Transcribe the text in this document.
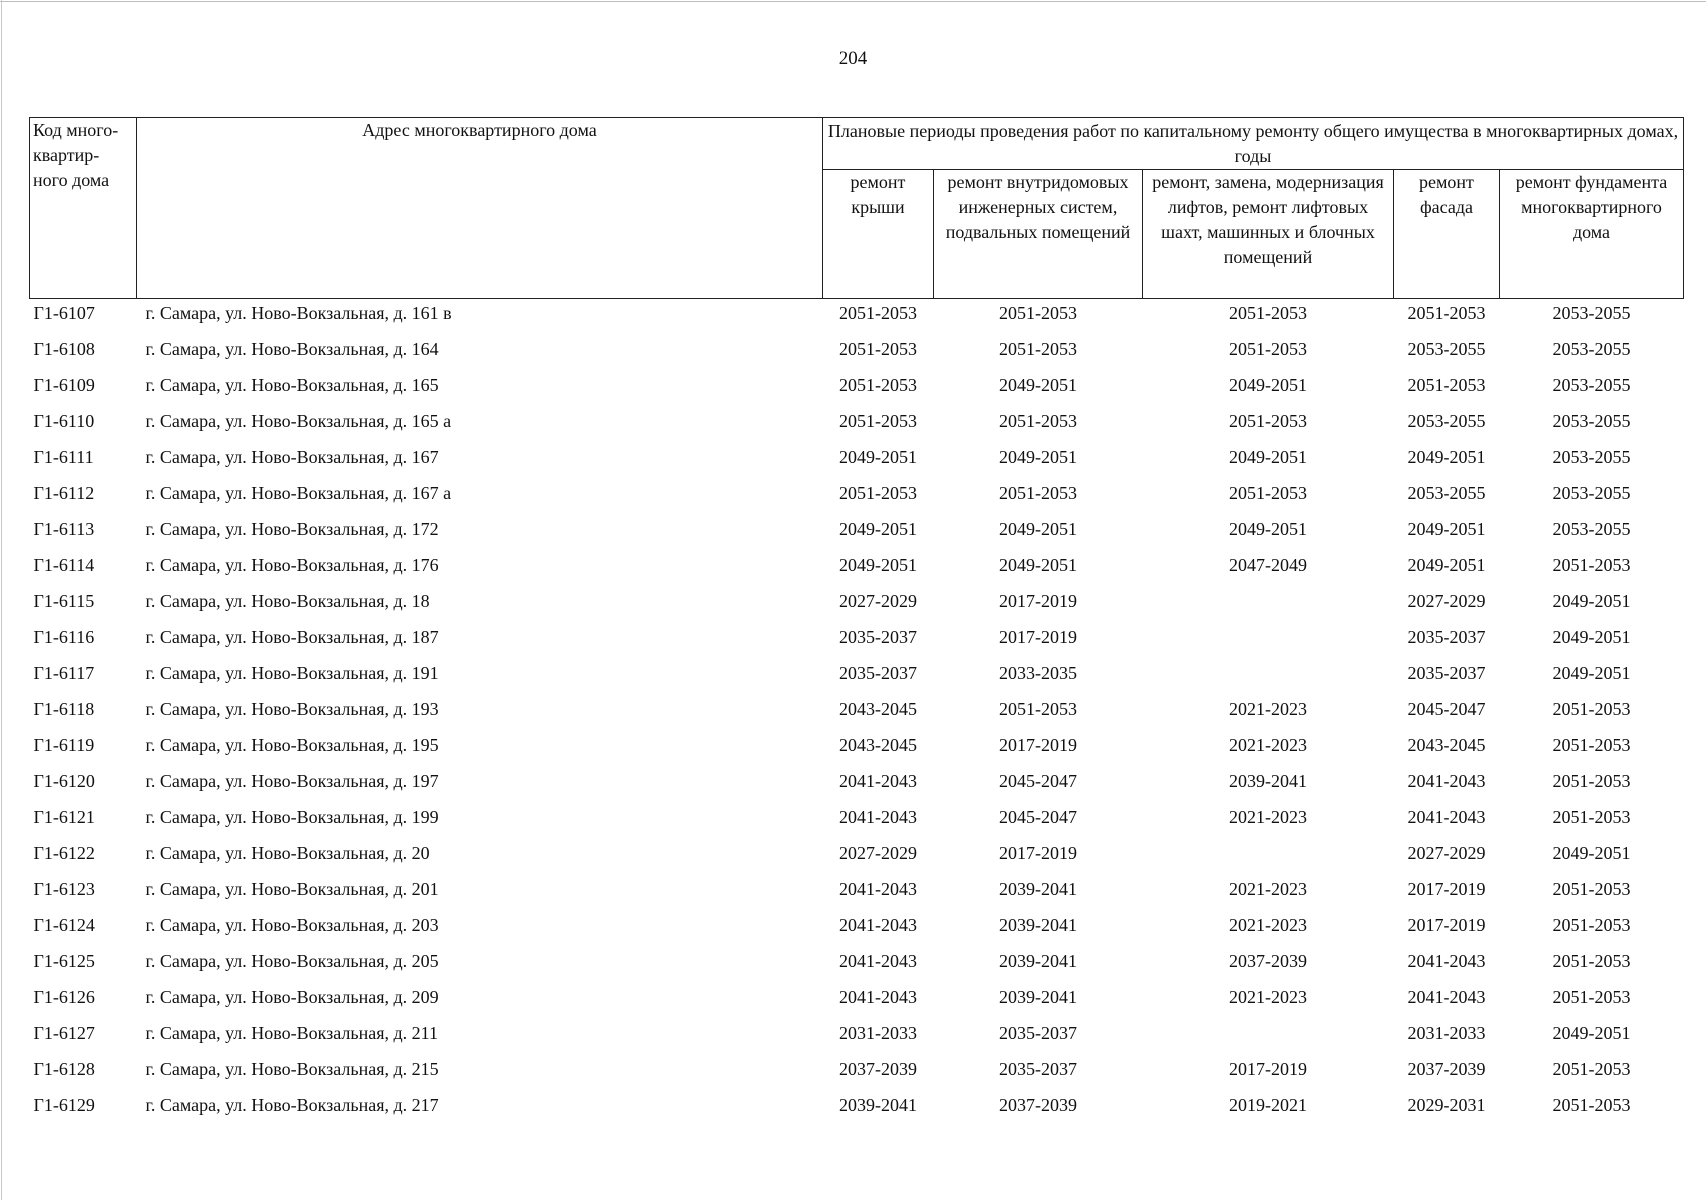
204
Код много-квартир-ного дома	Адрес многоквартирного дома	Плановые периоды проведения работ по капитальному ремонту общего имущества в многоквартирных домах, годы				
		ремонт крыши	ремонт внутридомовых инженерных систем, подвальных помещений	ремонт, замена, модернизация лифтов, ремонт лифтовых шахт, машинных и блочных помещений	ремонт фасада	ремонт фундамента многоквартирного дома
Г1-6107	г. Самара, ул. Ново-Вокзальная, д. 161 в	2051-2053	2051-2053	2051-2053	2051-2053	2053-2055
Г1-6108	г. Самара, ул. Ново-Вокзальная, д. 164	2051-2053	2051-2053	2051-2053	2053-2055	2053-2055
Г1-6109	г. Самара, ул. Ново-Вокзальная, д. 165	2051-2053	2049-2051	2049-2051	2051-2053	2053-2055
Г1-6110	г. Самара, ул. Ново-Вокзальная, д. 165 а	2051-2053	2051-2053	2051-2053	2053-2055	2053-2055
Г1-6111	г. Самара, ул. Ново-Вокзальная, д. 167	2049-2051	2049-2051	2049-2051	2049-2051	2053-2055
Г1-6112	г. Самара, ул. Ново-Вокзальная, д. 167 а	2051-2053	2051-2053	2051-2053	2053-2055	2053-2055
Г1-6113	г. Самара, ул. Ново-Вокзальная, д. 172	2049-2051	2049-2051	2049-2051	2049-2051	2053-2055
Г1-6114	г. Самара, ул. Ново-Вокзальная, д. 176	2049-2051	2049-2051	2047-2049	2049-2051	2051-2053
Г1-6115	г. Самара, ул. Ново-Вокзальная, д. 18	2027-2029	2017-2019		2027-2029	2049-2051
Г1-6116	г. Самара, ул. Ново-Вокзальная, д. 187	2035-2037	2017-2019		2035-2037	2049-2051
Г1-6117	г. Самара, ул. Ново-Вокзальная, д. 191	2035-2037	2033-2035		2035-2037	2049-2051
Г1-6118	г. Самара, ул. Ново-Вокзальная, д. 193	2043-2045	2051-2053	2021-2023	2045-2047	2051-2053
Г1-6119	г. Самара, ул. Ново-Вокзальная, д. 195	2043-2045	2017-2019	2021-2023	2043-2045	2051-2053
Г1-6120	г. Самара, ул. Ново-Вокзальная, д. 197	2041-2043	2045-2047	2039-2041	2041-2043	2051-2053
Г1-6121	г. Самара, ул. Ново-Вокзальная, д. 199	2041-2043	2045-2047	2021-2023	2041-2043	2051-2053
Г1-6122	г. Самара, ул. Ново-Вокзальная, д. 20	2027-2029	2017-2019		2027-2029	2049-2051
Г1-6123	г. Самара, ул. Ново-Вокзальная, д. 201	2041-2043	2039-2041	2021-2023	2017-2019	2051-2053
Г1-6124	г. Самара, ул. Ново-Вокзальная, д. 203	2041-2043	2039-2041	2021-2023	2017-2019	2051-2053
Г1-6125	г. Самара, ул. Ново-Вокзальная, д. 205	2041-2043	2039-2041	2037-2039	2041-2043	2051-2053
Г1-6126	г. Самара, ул. Ново-Вокзальная, д. 209	2041-2043	2039-2041	2021-2023	2041-2043	2051-2053
Г1-6127	г. Самара, ул. Ново-Вокзальная, д. 211	2031-2033	2035-2037		2031-2033	2049-2051
Г1-6128	г. Самара, ул. Ново-Вокзальная, д. 215	2037-2039	2035-2037	2017-2019	2037-2039	2051-2053
Г1-6129	г. Самара, ул. Ново-Вокзальная, д. 217	2039-2041	2037-2039	2019-2021	2029-2031	2051-2053
